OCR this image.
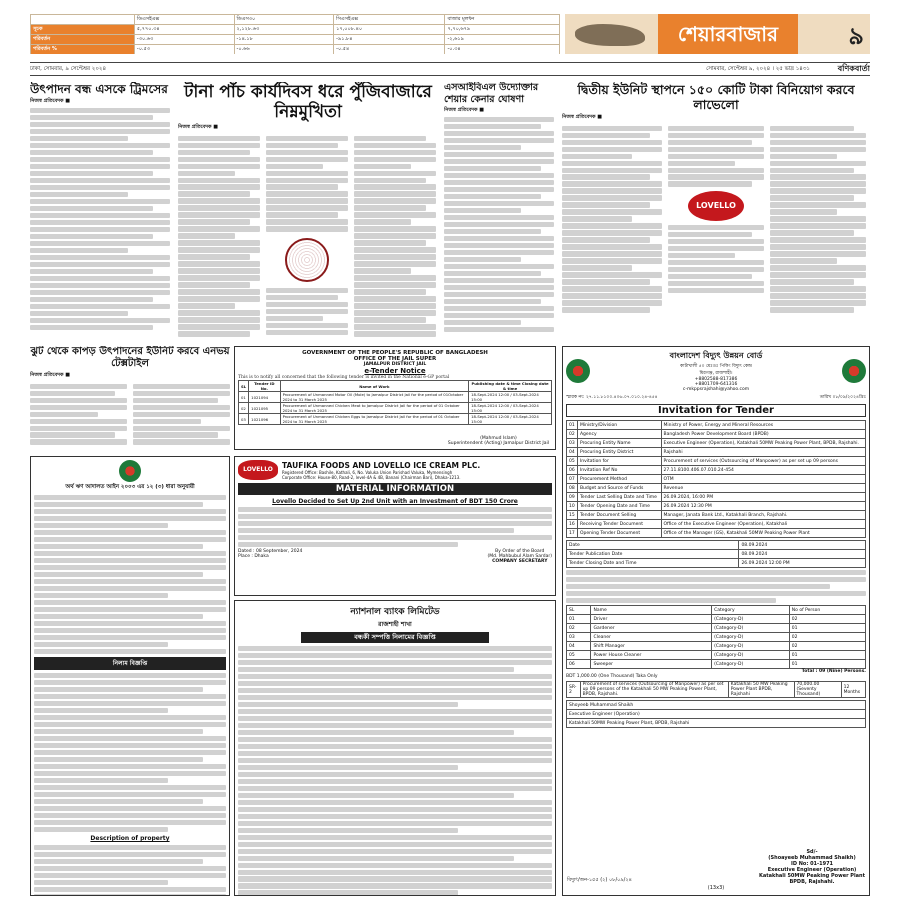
	ডিএসইএক্স	ডিএস৩০	সিএসইএক্স	বাজার মূলধন
সূচক	৫,৭৭০.৩৪	২,১২৮.৬৩	১৭,০০৮.৪০	৭,৭০,৬৭৯
পরিবর্তন	-৩০.৬৩	-১৪.১৮	-৯১.৮৪	-২,৬১৯
পরিবর্তন %	-০.৫৩	-০.৬৬	-০.৫৪	-০.৩৪
শেয়ারবাজার	৯
ঢাকা, সোমবার, ৯ সেপ্টেম্বর ২০২৪	সোমবার, সেপ্টেম্বর ৯, ২০২৪ । ২৫ ভাদ্র ১৪৩১	বণিকবার্তা
উৎপাদন বন্ধ এসকে ট্রিমসের
নিজস্ব প্রতিবেদক ■	টানা পাঁচ কার্যদিবস ধরে পুঁজিবাজারে নিম্নমুখিতা
নিজস্ব প্রতিবেদক ■
এসআইবিএল উদ্যোক্তার শেয়ার কেনার ঘোষণা
নিজস্ব প্রতিবেদক ■
দ্বিতীয় ইউনিট স্থাপনে ১৫০ কোটি টাকা বিনিয়োগ করবে লাভেলো
নিজস্ব প্রতিবেদক ■
LOVELLO
ঝুট থেকে কাপড় উৎপাদনের ইউনিট করবে এনভয় টেক্সটাইল
নিজস্ব প্রতিবেদক ■
GOVERNMENT OF THE PEOPLE'S REPUBLIC OF BANGLADESH
OFFICE OF THE JAIL SUPER
JAMALPUR DISTRICT JAIL
e-Tender Notice
This is to notify all concerned that the following tender is invited in the National e-GP portal
SL	Tender ID No.	Name of Work	Publishing date & time Closing date & time
01	1021094	Procurement of Unmanned Motor Oil (Mole) to Jamalpur District Jail for the period of 01October 2024 to 31 March 2025	18-Sept-2024 12:00 / 03-Sept-2024 15:00
02	1021095	Procurement of Unmanned Chicken Meat to Jamalpur District Jail for the period of 01 October 2024 to 31 March 2025	18-Sept-2024 12:00 / 03-Sept-2024 15:00
03	1021096	Procurement of Unmanned Chicken Eggs to Jamalpur District Jail for the period of 01 October 2024 to 31 March 2025	18-Sept-2024 12:00 / 03-Sept-2024 15:00
(Mahmud Islam)
Superintendent (Acting) Jamalpur District Jail
অর্থ ঋণ আদালত আইন ২০০৩ এর ১২ (৩) ধারা অনুযায়ী
নিলাম বিজ্ঞপ্তি
Description of property
LOVELLO	TAUFIKA FOODS AND LOVELLO ICE CREAM PLC.
Registered Office: Bashile, Kathali, 6, No. Valuka Union Parishad Valuka, Mymensingh
Corporate Office: House-80, Road-2, level-4A & 4B, Banani (Chairman Bari), Dhaka-1213.
MATERIAL INFORMATION
Lovello Decided to Set Up 2nd Unit with an Investment of BDT 150 Crore
Dated : 08 September, 2024
Place : Dhaka
By Order of the Board
(Md. Mahbubul Alam Sardar)
COMPANY SECRETARY
ন্যাশনাল ব্যাংক লিমিটেড
রাজশাহী শাখা
বন্ধকী সম্পত্তি নিলামের বিজ্ঞপ্তি
বাংলাদেশ বিদ্যুৎ উন্নয়ন বোর্ড
কাটাখালী ৫০ মেঃওঃ পিকিং বিদ্যুৎ কেন্দ্র
মিরগঞ্জ, রাজশাহী।
+8802588-817386
+8801709-641316
c-mkppsrajshahi@yahoo.com
স্মারক নং: ২৭.১১.৮১০০.৪০৬.০৭.০১০.২৪-৪৫৪	তারিখ ০৮/০৯/২০২৪খ্রিঃ
Invitation for Tender
01	Ministry/Division	Ministry of Power, Energy and Mineral Resources
02	Agency	Bangladesh Power Development Board (BPDB)
03	Procuring Entity Name	Executive Engineer (Operation), Katakhali 50MW Peaking Power Plant, BPDB, Rajshahi.
04	Procuring Entity District	Rajshahi
05	Invitation for	Procurement of services (Outsourcing of Manpower) as per set up 09 persons
06	Invitation Ref No	27.11.8100.406.07.010.24-454
07	Procurement Method	OTM
08	Budget and Source of Funds	Revenue
09	Tender Last Selling Date and Time	26.09.2024, 16:00 PM
10	Tender Opening Date and Time	26.09.2024 12:30 PM
15	Tender Document Selling	Manager, Janata Bank Ltd., Katakhali Branch, Rajshahi.
16	Receiving Tender Document	Office of the Executive Engineer (Operation), Katakhali
17	Opening Tender Document	Office of the Manager (GS), Katakhali 50MW Peaking Power Plant
Date	08.09.2024
Tender Publication Date	08.09.2024
Tender Closing Date and Time	26.09.2024 12:00 PM
SL	Name	Category	No of Person
01	Driver	(Category-D)	02
02	Gardener	(Category-D)	01
03	Cleaner	(Category-D)	02
04	Shift Manager	(Category-D)	02
05	Power House Cleaner	(Category-D)	01
06	Sweeper	(Category-D)	01
Total : 09 (Nine) Persons.
BDT 1,000.00 (One Thousand) Taka Only
SR-2	Procurement of services (Outsourcing of Manpower) as per set up 09 persons of the Katakhali 50 MW Peaking Power Plant, BPDB, Rajshahi.	Katakhali 50 MW Peaking Power Plant BPDB, Rajshahi	70,000.00 (Seventy Thousand)	12 Months
Shoyeeb Muhammad Shaikh
Executive Engineer (Operation)
Katakhali 50MW Peaking Power Plant, BPDB, Rajshahi
বিদ্যুৎ/জন-১৫৫ (২) ০৮/০৯/২৪
Sd/-
(Shoayeeb Muhammad Shaikh)
ID No: 01-1971
Executive Engineer (Operation)
Katakhali 50MW Peaking Power Plant
BPDB, Rajshahi.
(13x3)
